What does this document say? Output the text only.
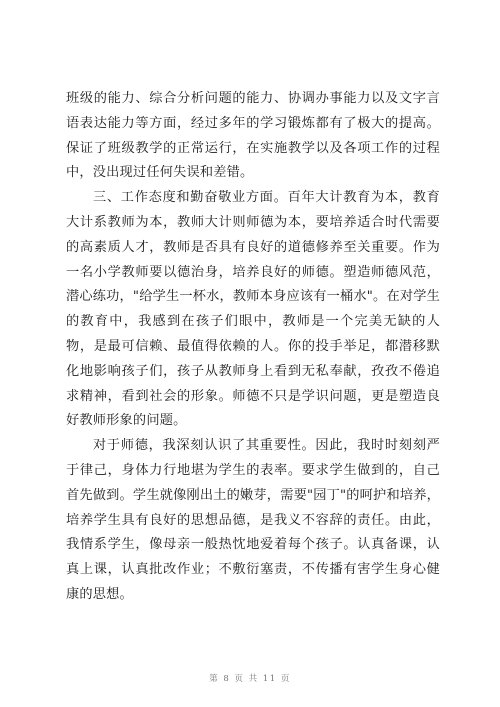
班级的能力、综合分析问题的能力、协调办事能力以及文字言语表达能力等方面，经过多年的学习锻炼都有了极大的提高。保证了班级教学的正常运行，在实施教学以及各项工作的过程中，没出现过任何失误和差错。

三、工作态度和勤奋敬业方面。百年大计教育为本，教育大计系教师为本，教师大计则师德为本，要培养适合时代需要的高素质人才，教师是否具有良好的道德修养至关重要。作为一名小学教师要以德治身，培养良好的师德。塑造师德风范，潜心练功，"给学生一杯水，教师本身应该有一桶水"。在对学生的教育中，我感到在孩子们眼中，教师是一个完美无缺的人物，是最可信赖、最值得依赖的人。你的投手举足，都潜移默化地影响孩子们，孩子从教师身上看到无私奉献，孜孜不倦追求精神，看到社会的形象。师德不只是学识问题，更是塑造良好教师形象的问题。

对于师德，我深刻认识了其重要性。因此，我时时刻刻严于律己，身体力行地堪为学生的表率。要求学生做到的，自己首先做到。学生就像刚出土的嫩芽，需要"园丁"的呵护和培养，培养学生具有良好的思想品德，是我义不容辞的责任。由此，我情系学生，像母亲一般热忱地爱着每个孩子。认真备课，认真上课，认真批改作业；不敷衍塞责，不传播有害学生身心健康的思想。

第 8 页 共 11 页
